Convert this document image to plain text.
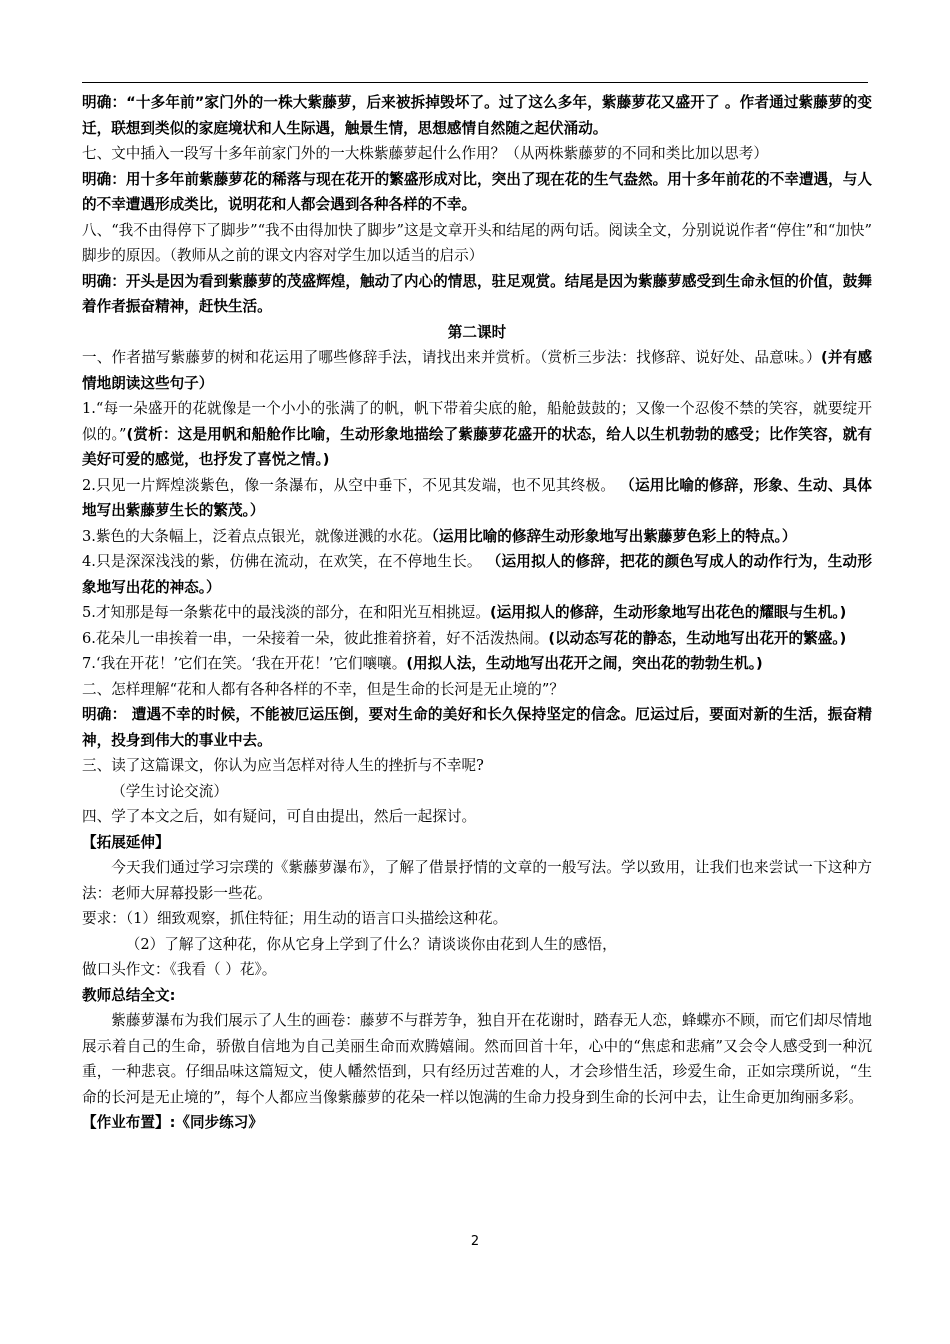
明确：“十多年前”家门外的一株大紫藤萝，后来被拆掉毁坏了。过了这么多年，紫藤萝花又盛开了 。作者通过紫藤萝的变迁，联想到类似的家庭境状和人生际遇，触景生情，思想感情自然随之起伏涌动。

七、文中插入一段写十多年前家门外的一大株紫藤萝起什么作用？（从两株紫藤萝的不同和类比加以思考）

明确：用十多年前紫藤萝花的稀落与现在花开的繁盛形成对比，突出了现在花的生气盎然。用十多年前花的不幸遭遇，与人的不幸遭遇形成类比，说明花和人都会遇到各种各样的不幸。

八、“我不由得停下了脚步”“我不由得加快了脚步”这是文章开头和结尾的两句话。阅读全文，分别说说作者“停住”和“加快” 脚步的原因。（教师从之前的课文内容对学生加以适当的启示）

明确：开头是因为看到紫藤萝的茂盛辉煌，触动了内心的情思，驻足观赏。结尾是因为紫藤萝感受到生命永恒的价值，鼓舞着作者振奋精神，赶快生活。

第二课时

一、作者描写紫藤萝的树和花运用了哪些修辞手法，请找出来并赏析。（赏析三步法：找修辞、说好处、品意味。）(并有感情地朗读这些句子）

1.“每一朵盛开的花就像是一个小小的张满了的帆，帆下带着尖底的舱，船舱鼓鼓的；又像一个忍俊不禁的笑容，就要绽开似的。”(赏析：这是用帆和船舱作比喻，生动形象地描绘了紫藤萝花盛开的状态，给人以生机勃勃的感受；比作笑容，就有美好可爱的感觉，也抒发了喜悦之情。)

2.只见一片辉煌淡紫色，像一条瀑布，从空中垂下，不见其发端，也不见其终极。 （运用比喻的修辞，形象、生动、具体地写出紫藤萝生长的繁茂。）

3.紫色的大条幅上，泛着点点银光，就像迸溅的水花。（运用比喻的修辞生动形象地写出紫藤萝色彩上的特点。）

4.只是深深浅浅的紫，仿佛在流动，在欢笑，在不停地生长。 （运用拟人的修辞，把花的颜色写成人的动作行为，生动形象地写出花的神态。）

5.才知那是每一条紫花中的最浅淡的部分，在和阳光互相挑逗。(运用拟人的修辞，生动形象地写出花色的耀眼与生机。)

6.花朵儿一串挨着一串，一朵接着一朵，彼此推着挤着，好不活泼热闹。(以动态写花的静态，生动地写出花开的繁盛。)

7.‘我在开花！’它们在笑。‘我在开花！’它们嚷嚷。(用拟人法，生动地写出花开之闹，突出花的勃勃生机。)

二、怎样理解“花和人都有各种各样的不幸，但是生命的长河是无止境的”？

明确： 遭遇不幸的时候，不能被厄运压倒，要对生命的美好和长久保持坚定的信念。厄运过后，要面对新的生活，振奋精神，投身到伟大的事业中去。

三、读了这篇课文，你认为应当怎样对待人生的挫折与不幸呢?

（学生讨论交流）

四、学了本文之后，如有疑问，可自由提出，然后一起探讨。

【拓展延伸】

今天我们通过学习宗璞的《紫藤萝瀑布》，了解了借景抒情的文章的一般写法。学以致用，让我们也来尝试一下这种方法：老师大屏幕投影一些花。

要求：（1）细致观察，抓住特征；用生动的语言口头描绘这种花。

（2）了解了这种花，你从它身上学到了什么？请谈谈你由花到人生的感悟，

做口头作文：《我看（ ）花》。

教师总结全文:

紫藤萝瀑布为我们展示了人生的画卷：藤萝不与群芳争，独自开在花谢时，踏春无人恋，蜂蝶亦不顾，而它们却尽情地展示着自己的生命，骄傲自信地为自己美丽生命而欢腾嬉闹。然而回首十年，心中的“焦虑和悲痛”又会令人感受到一种沉重，一种悲哀。仔细品味这篇短文，使人幡然悟到，只有经历过苦难的人，才会珍惜生活，珍爱生命，正如宗璞所说，“生命的长河是无止境的”，每个人都应当像紫藤萝的花朵一样以饱满的生命力投身到生命的长河中去，让生命更加绚丽多彩。

【作业布置】:《同步练习》

2
